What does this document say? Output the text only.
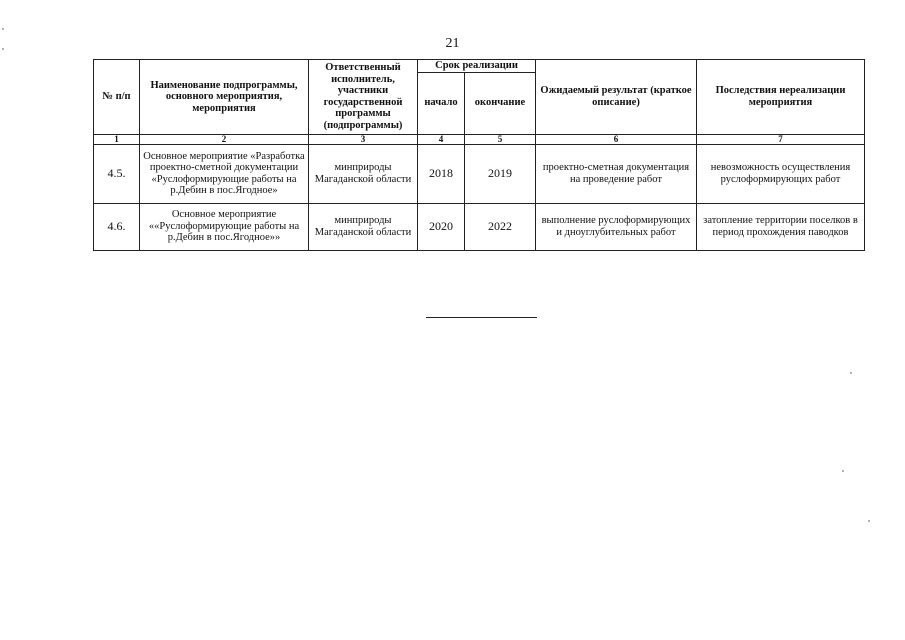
21
№ п/п	Наименование подпрограммы, основного мероприятия, мероприятия	Ответственный исполнитель, участники государственной программы (подпрограммы)	Срок реализации		Ожидаемый результат (краткое описание)	Последствия нереализации мероприятия
			начало	окончание		
1	2	3	4	5	6	7
4.5.	Основное мероприятие «Разработка проектно-сметной документации «Руслоформирующие работы на р.Дебин в пос.Ягодное»	минприроды Магаданской области	2018	2019	проектно-сметная документация на проведение работ	невозможность осуществления руслоформирующих работ
4.6.	Основное мероприятие ««Руслоформирующие работы на р.Дебин в пос.Ягодное»»	минприроды Магаданской области	2020	2022	выполнение руслоформирующих и дноуглубительных работ	затопление территории поселков в период прохождения паводков
